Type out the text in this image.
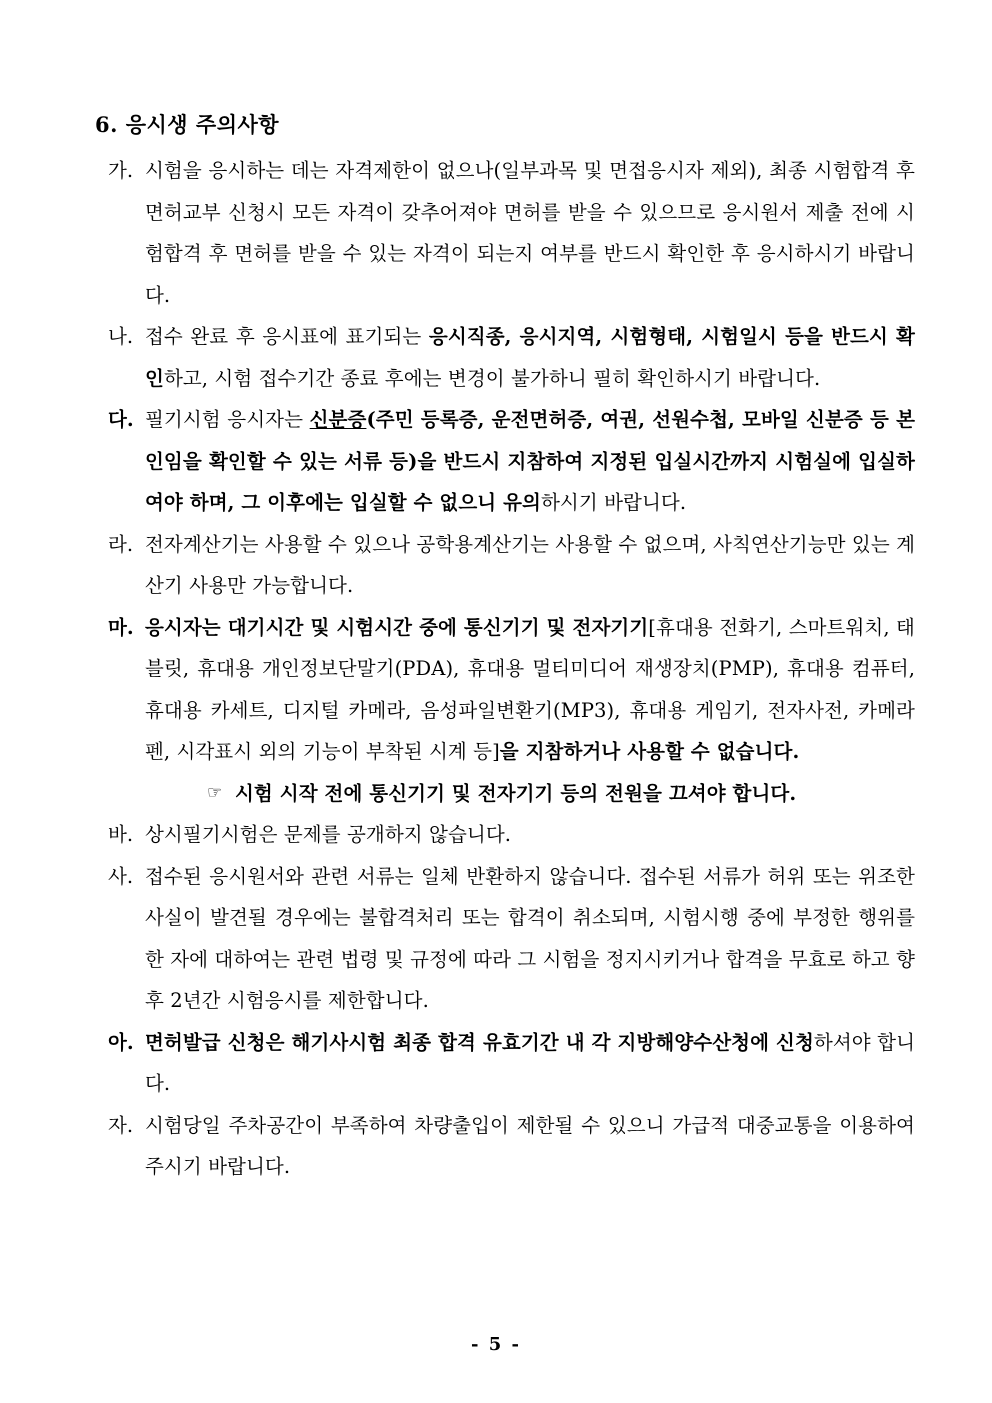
6. 응시생 주의사항
가. 시험을 응시하는 데는 자격제한이 없으나(일부과목 및 면접응시자 제외), 최종 시험합격 후 면허교부 신청시 모든 자격이 갖추어져야 면허를 받을 수 있으므로 응시원서 제출 전에 시험합격 후 면허를 받을 수 있는 자격이 되는지 여부를 반드시 확인한 후 응시하시기 바랍니다.

나. 접수 완료 후 응시표에 표기되는 응시직종, 응시지역, 시험형태, 시험일시 등을 반드시 확인하고, 시험 접수기간 종료 후에는 변경이 불가하니 필히 확인하시기 바랍니다.

다. 필기시험 응시자는 신분증(주민 등록증, 운전면허증, 여권, 선원수첩, 모바일 신분증 등 본인임을 확인할 수 있는 서류 등)을 반드시 지참하여 지정된 입실시간까지 시험실에 입실하여야 하며, 그 이후에는 입실할 수 없으니 유의하시기 바랍니다.

라. 전자계산기는 사용할 수 있으나 공학용계산기는 사용할 수 없으며, 사칙연산기능만 있는 계산기 사용만 가능합니다.

마. 응시자는 대기시간 및 시험시간 중에 통신기기 및 전자기기[휴대용 전화기, 스마트워치, 태블릿, 휴대용 개인정보단말기(PDA), 휴대용 멀티미디어 재생장치(PMP), 휴대용 컴퓨터, 휴대용 카세트, 디지털 카메라, 음성파일변환기(MP3), 휴대용 게임기, 전자사전, 카메라펜, 시각표시 외의 기능이 부착된 시계 등]을 지참하거나 사용할 수 없습니다.

☞ 시험 시작 전에 통신기기 및 전자기기 등의 전원을 끄셔야 합니다.
바. 상시필기시험은 문제를 공개하지 않습니다.

사. 접수된 응시원서와 관련 서류는 일체 반환하지 않습니다. 접수된 서류가 허위 또는 위조한 사실이 발견될 경우에는 불합격처리 또는 합격이 취소되며, 시험시행 중에 부정한 행위를 한 자에 대하여는 관련 법령 및 규정에 따라 그 시험을 정지시키거나 합격을 무효로 하고 향후 2년간 시험응시를 제한합니다.

아. 면허발급 신청은 해기사시험 최종 합격 유효기간 내 각 지방해양수산청에 신청하셔야 합니다.

자. 시험당일 주차공간이 부족하여 차량출입이 제한될 수 있으니 가급적 대중교통을 이용하여 주시기 바랍니다.

- 5 -
